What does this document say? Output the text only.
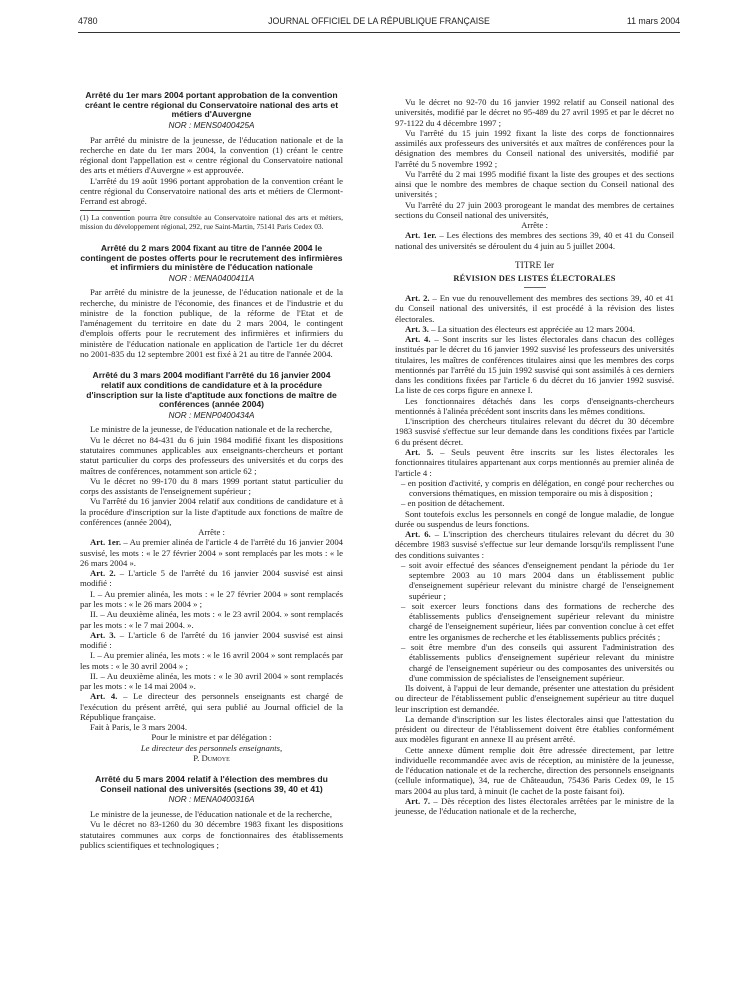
4780	JOURNAL OFFICIEL DE LA RÉPUBLIQUE FRANÇAISE	11 mars 2004
Arrêté du 1er mars 2004 portant approbation de la convention créant le centre régional du Conservatoire national des arts et métiers d'Auvergne
NOR : MENS0400425A

Par arrêté du ministre de la jeunesse, de l'éducation nationale et de la recherche en date du 1er mars 2004, la convention (1) créant le centre régional dont l'appellation est « centre régional du Conservatoire national des arts et métiers d'Auvergne » est approuvée.

L'arrêté du 19 août 1996 portant approbation de la convention créant le centre régional du Conservatoire national des arts et métiers de Clermont-Ferrand est abrogé.

(1) La convention pourra être consultée au Conservatoire national des arts et métiers, mission du développement régional, 292, rue Saint-Martin, 75141 Paris Cedex 03.

Arrêté du 2 mars 2004 fixant au titre de l'année 2004 le contingent de postes offerts pour le recrutement des infirmières et infirmiers du ministère de l'éducation nationale
NOR : MENA0400411A

Par arrêté du ministre de la jeunesse, de l'éducation nationale et de la recherche, du ministre de l'économie, des finances et de l'industrie et du ministre de la fonction publique, de la réforme de l'Etat et de l'aménagement du territoire en date du 2 mars 2004, le contingent d'emplois offerts pour le recrutement des infirmières et infirmiers du ministère de l'éducation nationale en application de l'article 1er du décret no 2001-835 du 12 septembre 2001 est fixé à 21 au titre de l'année 2004.

Arrêté du 3 mars 2004 modifiant l'arrêté du 16 janvier 2004 relatif aux conditions de candidature et à la procédure d'inscription sur la liste d'aptitude aux fonctions de maître de conférences (année 2004)
NOR : MENP0400434A

Le ministre de la jeunesse, de l'éducation nationale et de la recherche,

Vu le décret no 84-431 du 6 juin 1984 modifié fixant les dispositions statutaires communes applicables aux enseignants-chercheurs et portant statut particulier du corps des professeurs des universités et du corps des maîtres de conférences, notamment son article 62 ;

Vu le décret no 99-170 du 8 mars 1999 portant statut particulier du corps des assistants de l'enseignement supérieur ;

Vu l'arrêté du 16 janvier 2004 relatif aux conditions de candidature et à la procédure d'inscription sur la liste d'aptitude aux fonctions de maître de conférences (année 2004),

Arrête :

Art. 1er. – Au premier alinéa de l'article 4 de l'arrêté du 16 janvier 2004 susvisé, les mots : « le 27 février 2004 » sont remplacés par les mots : « le 26 mars 2004 ».

Art. 2. – L'article 5 de l'arrêté du 16 janvier 2004 susvisé est ainsi modifié :

I. – Au premier alinéa, les mots : « le 27 février 2004 » sont remplacés par les mots : « le 26 mars 2004 » ;

II. – Au deuxième alinéa, les mots : « le 23 avril 2004. » sont remplacés par les mots : « le 7 mai 2004. ».

Art. 3. – L'article 6 de l'arrêté du 16 janvier 2004 susvisé est ainsi modifié :

I. – Au premier alinéa, les mots : « le 16 avril 2004 » sont remplacés par les mots : « le 30 avril 2004 » ;

II. – Au deuxième alinéa, les mots : « le 30 avril 2004 » sont remplacés par les mots : « le 14 mai 2004 ».

Art. 4. – Le directeur des personnels enseignants est chargé de l'exécution du présent arrêté, qui sera publié au Journal officiel de la République française.

Fait à Paris, le 3 mars 2004.

Pour le ministre et par délégation :

Le directeur des personnels enseignants,

P. Dumoye

Arrêté du 5 mars 2004 relatif à l'élection des membres du Conseil national des universités (sections 39, 40 et 41)
NOR : MENA0400316A

Le ministre de la jeunesse, de l'éducation nationale et de la recherche,

Vu le décret no 83-1260 du 30 décembre 1983 fixant les dispositions statutaires communes aux corps de fonctionnaires des établissements publics scientifiques et technologiques ;

Vu le décret no 92-70 du 16 janvier 1992 relatif au Conseil national des universités, modifié par le décret no 95-489 du 27 avril 1995 et par le décret no 97-1122 du 4 décembre 1997 ;

Vu l'arrêté du 15 juin 1992 fixant la liste des corps de fonctionnaires assimilés aux professeurs des universités et aux maîtres de conférences pour la désignation des membres du Conseil national des universités, modifié par l'arrêté du 5 novembre 1992 ;

Vu l'arrêté du 2 mai 1995 modifié fixant la liste des groupes et des sections ainsi que le nombre des membres de chaque section du Conseil national des universités ;

Vu l'arrêté du 27 juin 2003 prorogeant le mandat des membres de certaines sections du Conseil national des universités,

Arrête :

Art. 1er. – Les élections des membres des sections 39, 40 et 41 du Conseil national des universités se déroulent du 4 juin au 5 juillet 2004.

TITRE Ier
RÉVISION DES LISTES ÉLECTORALES

Art. 2. – En vue du renouvellement des membres des sections 39, 40 et 41 du Conseil national des universités, il est procédé à la révision des listes électorales.

Art. 3. – La situation des électeurs est appréciée au 12 mars 2004.

Art. 4. – Sont inscrits sur les listes électorales dans chacun des collèges institués par le décret du 16 janvier 1992 susvisé les professeurs des universités titulaires, les maîtres de conférences titulaires ainsi que les membres des corps mentionnés par l'arrêté du 15 juin 1992 susvisé qui sont assimilés à ces derniers dans les conditions fixées par l'article 6 du décret du 16 janvier 1992 susvisé. La liste de ces corps figure en annexe I.

Les fonctionnaires détachés dans les corps d'enseignants-chercheurs mentionnés à l'alinéa précédent sont inscrits dans les mêmes conditions.

L'inscription des chercheurs titulaires relevant du décret du 30 décembre 1983 susvisé s'effectue sur leur demande dans les conditions fixées par l'article 6 du présent décret.

Art. 5. – Seuls peuvent être inscrits sur les listes électorales les fonctionnaires titulaires appartenant aux corps mentionnés au premier alinéa de l'article 4 :

– en position d'activité, y compris en délégation, en congé pour recherches ou conversions thématiques, en mission temporaire ou mis à disposition ;

– en position de détachement.

Sont toutefois exclus les personnels en congé de longue maladie, de longue durée ou suspendus de leurs fonctions.

Art. 6. – L'inscription des chercheurs titulaires relevant du décret du 30 décembre 1983 susvisé s'effectue sur leur demande lorsqu'ils remplissent l'une des conditions suivantes :

– soit avoir effectué des séances d'enseignement pendant la période du 1er septembre 2003 au 10 mars 2004 dans un établissement public d'enseignement supérieur relevant du ministre chargé de l'enseignement supérieur ;

– soit exercer leurs fonctions dans des formations de recherche des établissements publics d'enseignement supérieur relevant du ministre chargé de l'enseignement supérieur, liées par convention conclue à cet effet entre les organismes de recherche et les établissements publics précités ;

– soit être membre d'un des conseils qui assurent l'administration des établissements publics d'enseignement supérieur relevant du ministre chargé de l'enseignement supérieur ou des composantes des universités ou d'une commission de spécialistes de l'enseignement supérieur.

Ils doivent, à l'appui de leur demande, présenter une attestation du président ou directeur de l'établissement public d'enseignement supérieur au titre duquel leur inscription est demandée.

La demande d'inscription sur les listes électorales ainsi que l'attestation du président ou directeur de l'établissement doivent être établies conformément aux modèles figurant en annexe II au présent arrêté.

Cette annexe dûment remplie doit être adressée directement, par lettre individuelle recommandée avec avis de réception, au ministère de la jeunesse, de l'éducation nationale et de la recherche, direction des personnels enseignants (cellule informatique), 34, rue de Châteaudun, 75436 Paris Cedex 09, le 15 mars 2004 au plus tard, à minuit (le cachet de la poste faisant foi).

Art. 7. – Dès réception des listes électorales arrêtées par le ministre de la jeunesse, de l'éducation nationale et de la recherche,
